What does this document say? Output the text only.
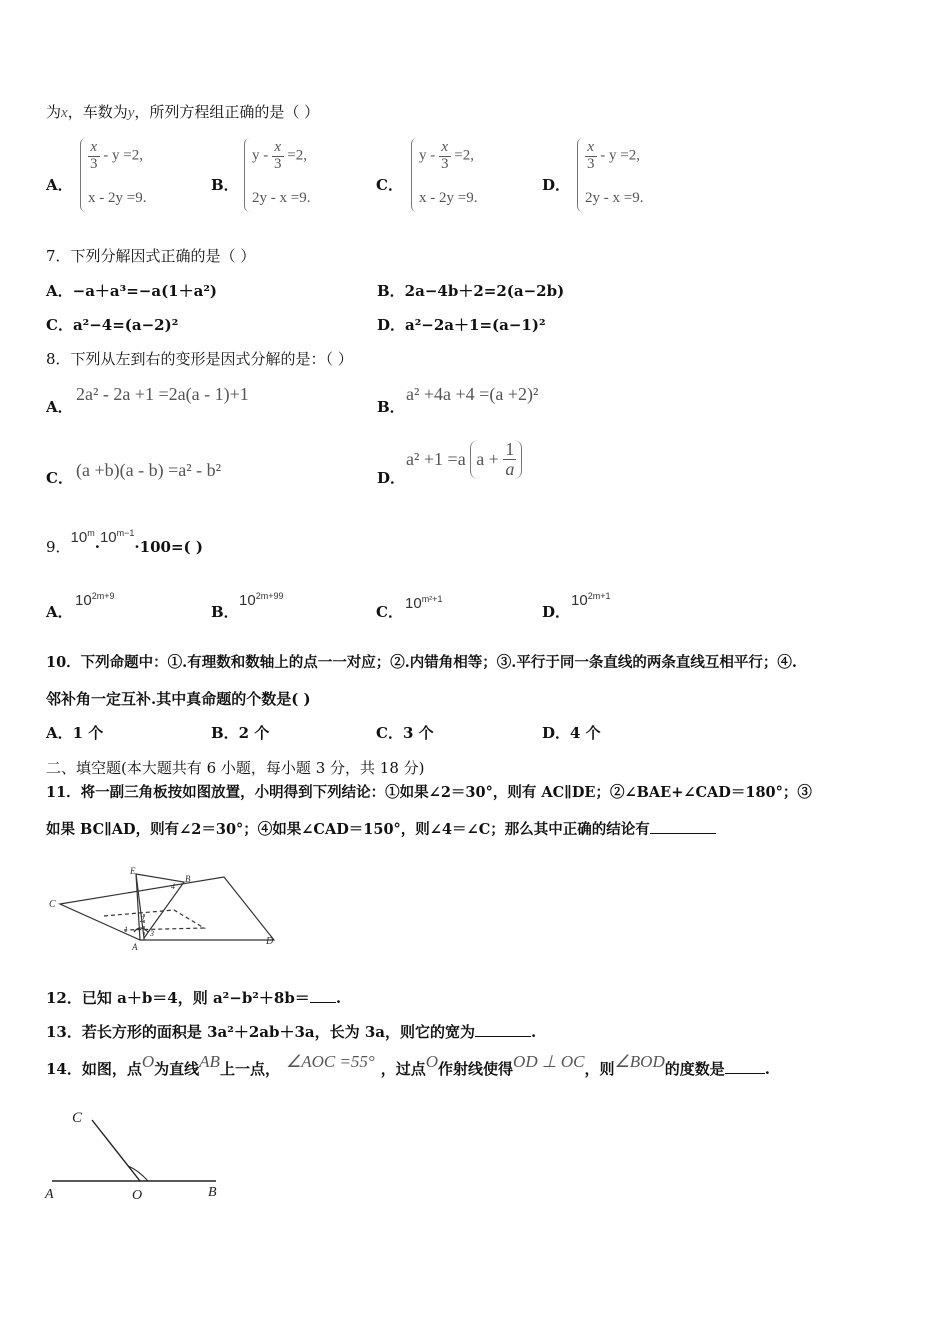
为x，车数为y，所列方程组正确的是（ ）
A．
$\frac{x}{3} - y =2$,
x - 2y =9.
B．
$y - \frac{x}{3} =2$,
2y - x =9.
C．
$y - \frac{x}{3} =2$,
x - 2y =9.
D．
$\frac{x}{3} - y =2$,
2y - x =9.
7．下列分解因式正确的是（ ）
A．−a＋a³=−a(1＋a²)	B．2a−4b＋2=2(a−2b)
C．a²−4=(a−2)²	D．a²−2a＋1=(a−1)²
8．下列从左到右的变形是因式分解的是：（ ）
A．
2a² - 2a +1 =2a(a - 1)+1
B．
a² +4a +4 =(a +2)²
C． (a +b)(a - b) =a² - b²	D．
a² +1 =a $a + \frac{1}{a}$
9．$10^m\cdot 10^{m-1}\cdot 100=$( )
A．
$10^{2m+9}$
B．
$10^{2m+99}$
C． $10^{m^2+1}$
D．
$10^{2m+1}$
10．下列命题中：①.有理数和数轴上的点一一对应；②.内错角相等；③.平行于同一条直线的两条直线互相平行；④.
邻补角一定互补.其中真命题的个数是( )
A．1 个	B．2 个	C．3 个	D．4 个
二、填空题(本大题共有 6 小题，每小题 3 分，共 18 分)
11．将一副三角板按如图放置，小明得到下列结论：①如果∠2＝30°，则有 AC∥DE；②∠BAE+∠CAD＝180°；③
如果 BC∥AD，则有∠2＝30°；④如果∠CAD＝150°，则∠4＝∠C；那么其中正确的结论有
C
E
B
D
A
1
2
3
4
12．已知 a＋b＝4，则 a²−b²＋8b＝ .
13．若长方形的面积是 3a²＋2ab＋3a，长为 3a，则它的宽为	.
14．如图，点O为直线AB上一点， ∠AOC =55° ，过点O作射线使得OD ⊥ OC，则∠BOD的度数是	.
C
A	O	B
